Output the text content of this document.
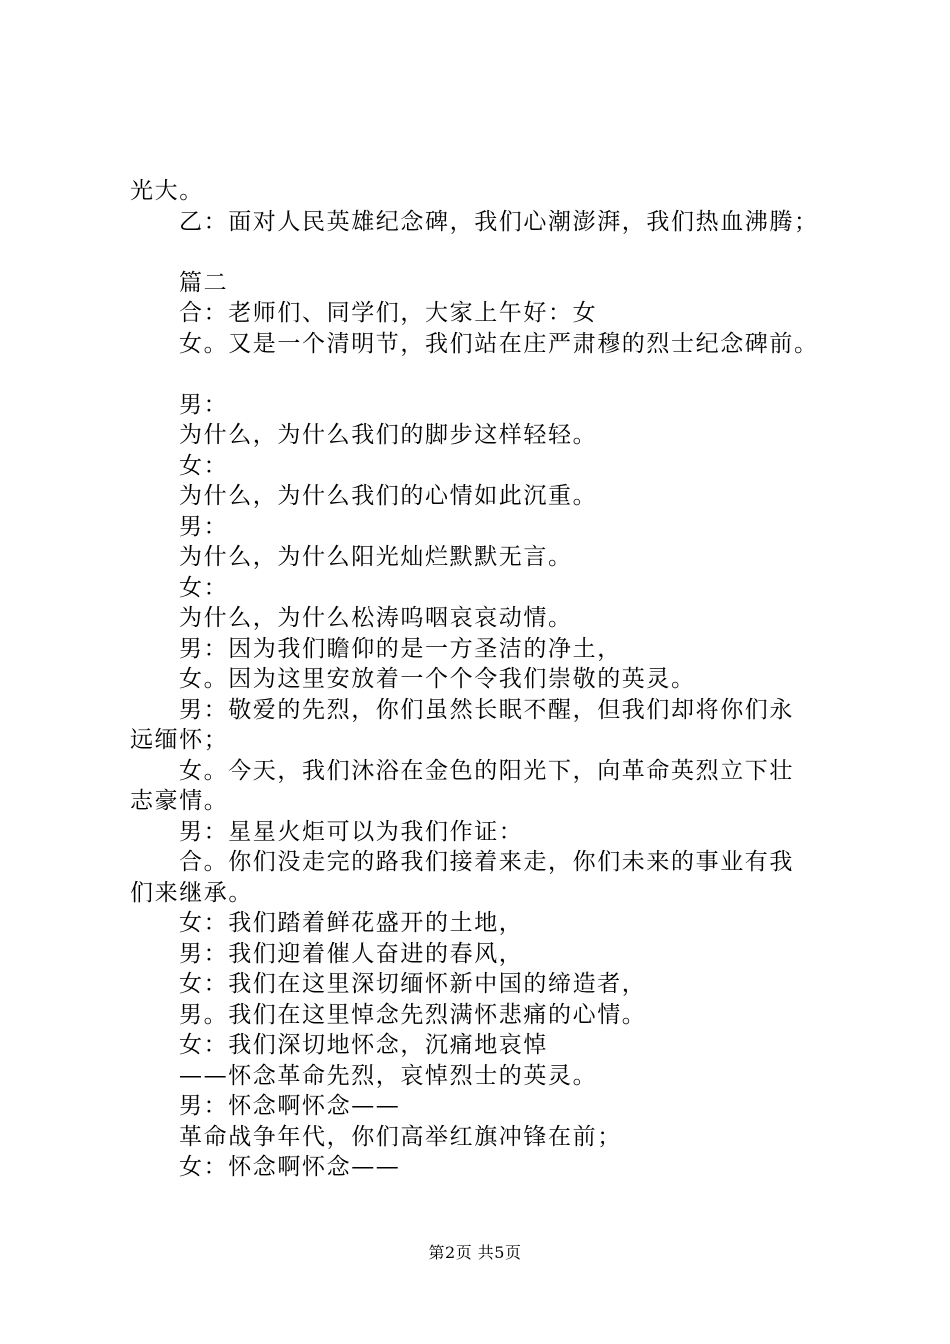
光大。
乙：面对人民英雄纪念碑，我们心潮澎湃，我们热血沸腾；
篇二
合：老师们、同学们，大家上午好：女
女。又是一个清明节，我们站在庄严肃穆的烈士纪念碑前。
男：
为什么，为什么我们的脚步这样轻轻。
女：
为什么，为什么我们的心情如此沉重。
男：
为什么，为什么阳光灿烂默默无言。
女：
为什么，为什么松涛呜咽哀哀动情。
男：因为我们瞻仰的是一方圣洁的净土，
女。因为这里安放着一个个令我们崇敬的英灵。
男：敬爱的先烈，你们虽然长眠不醒，但我们却将你们永
远缅怀；
女。今天，我们沐浴在金色的阳光下，向革命英烈立下壮
志豪情。
男：星星火炬可以为我们作证：
合。你们没走完的路我们接着来走，你们未来的事业有我
们来继承。
女：我们踏着鲜花盛开的土地，
男：我们迎着催人奋进的春风，
女：我们在这里深切缅怀新中国的缔造者，
男。我们在这里悼念先烈满怀悲痛的心情。
女：我们深切地怀念，沉痛地哀悼
——怀念革命先烈，哀悼烈士的英灵。
男：怀念啊怀念——
革命战争年代，你们高举红旗冲锋在前；
女：怀念啊怀念——
第2页 共5页
